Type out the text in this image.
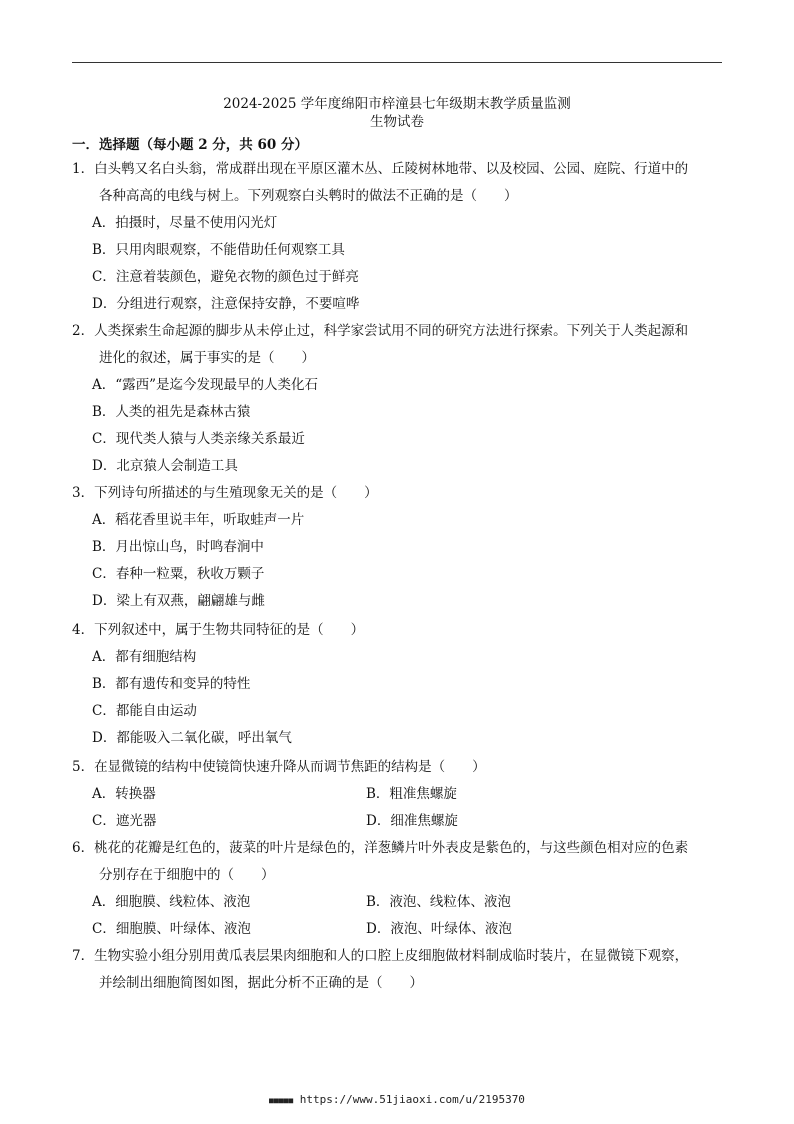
2024-2025 学年度绵阳市梓潼县七年级期末教学质量监测
生物试卷
一．选择题（每小题 2 分，共 60 分）
1．白头鹎又名白头翁，常成群出现在平原区灌木丛、丘陵树林地带、以及校园、公园、庭院、行道中的
　　各种高高的电线与树上。下列观察白头鹎时的做法不正确的是（　　）
A．拍摄时，尽量不使用闪光灯
B．只用肉眼观察，不能借助任何观察工具
C．注意着装颜色，避免衣物的颜色过于鲜亮
D．分组进行观察，注意保持安静，不要喧哗
2．人类探索生命起源的脚步从未停止过，科学家尝试用不同的研究方法进行探索。下列关于人类起源和
　　进化的叙述，属于事实的是（　　）
A．“露西”是迄今发现最早的人类化石
B．人类的祖先是森林古猿
C．现代类人猿与人类亲缘关系最近
D．北京猿人会制造工具
3．下列诗句所描述的与生殖现象无关的是（　　）
A．稻花香里说丰年，听取蛙声一片
B．月出惊山鸟，时鸣春涧中
C．春种一粒粟，秋收万颗子
D．梁上有双燕，翩翩雄与雌
4．下列叙述中，属于生物共同特征的是（　　）
A．都有细胞结构
B．都有遗传和变异的特性
C．都能自由运动
D．都能吸入二氧化碳，呼出氧气
5．在显微镜的结构中使镜筒快速升降从而调节焦距的结构是（　　）
A．转换器	B．粗准焦螺旋
C．遮光器	D．细准焦螺旋
6．桃花的花瓣是红色的，菠菜的叶片是绿色的，洋葱鳞片叶外表皮是紫色的，与这些颜色相对应的色素
　　分别存在于细胞中的（　　）
A．细胞膜、线粒体、液泡	B．液泡、线粒体、液泡
C．细胞膜、叶绿体、液泡	D．液泡、叶绿体、液泡
7．生物实验小组分别用黄瓜表层果肉细胞和人的口腔上皮细胞做材料制成临时装片，在显微镜下观察，
　　并绘制出细胞简图如图，据此分析不正确的是（　　）
■■■■■ https://www.51jiaoxi.com/u/2195370
